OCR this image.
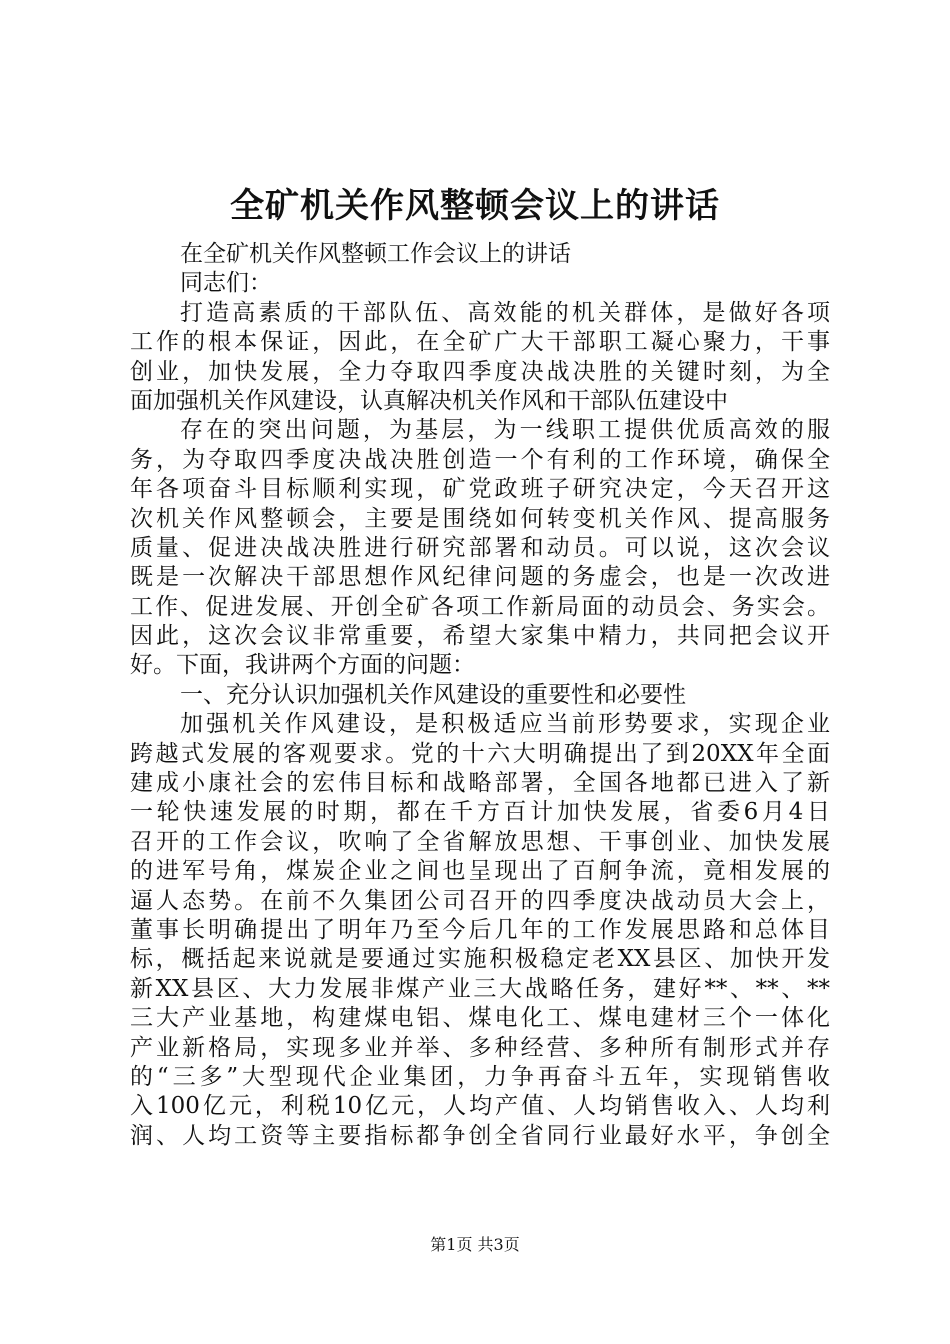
全矿机关作风整顿会议上的讲话
在全矿机关作风整顿工作会议上的讲话
同志们：
打造高素质的干部队伍、高效能的机关群体，是做好各项
工作的根本保证，因此，在全矿广大干部职工凝心聚力，干事
创业，加快发展，全力夺取四季度决战决胜的关键时刻，为全
面加强机关作风建设，认真解决机关作风和干部队伍建设中
存在的突出问题，为基层，为一线职工提供优质高效的服
务，为夺取四季度决战决胜创造一个有利的工作环境，确保全
年各项奋斗目标顺利实现，矿党政班子研究决定，今天召开这
次机关作风整顿会，主要是围绕如何转变机关作风、提高服务
质量、促进决战决胜进行研究部署和动员。可以说，这次会议
既是一次解决干部思想作风纪律问题的务虚会，也是一次改进
工作、促进发展、开创全矿各项工作新局面的动员会、务实会。
因此，这次会议非常重要，希望大家集中精力，共同把会议开
好。下面，我讲两个方面的问题：
一、充分认识加强机关作风建设的重要性和必要性
加强机关作风建设，是积极适应当前形势要求，实现企业
跨越式发展的客观要求。党的十六大明确提出了到20XX年全面
建成小康社会的宏伟目标和战略部署，全国各地都已进入了新
一轮快速发展的时期，都在千方百计加快发展，省委6月4日
召开的工作会议，吹响了全省解放思想、干事创业、加快发展
的进军号角，煤炭企业之间也呈现出了百舸争流，竟相发展的
逼人态势。在前不久集团公司召开的四季度决战动员大会上，
董事长明确提出了明年乃至今后几年的工作发展思路和总体目
标，概括起来说就是要通过实施积极稳定老XX县区、加快开发
新XX县区、大力发展非煤产业三大战略任务，建好**、**、**
三大产业基地，构建煤电铝、煤电化工、煤电建材三个一体化
产业新格局，实现多业并举、多种经营、多种所有制形式并存
的“三多”大型现代企业集团，力争再奋斗五年，实现销售收
入100亿元，利税10亿元，人均产值、人均销售收入、人均利
润、人均工资等主要指标都争创全省同行业最好水平，争创全
第1页 共3页
